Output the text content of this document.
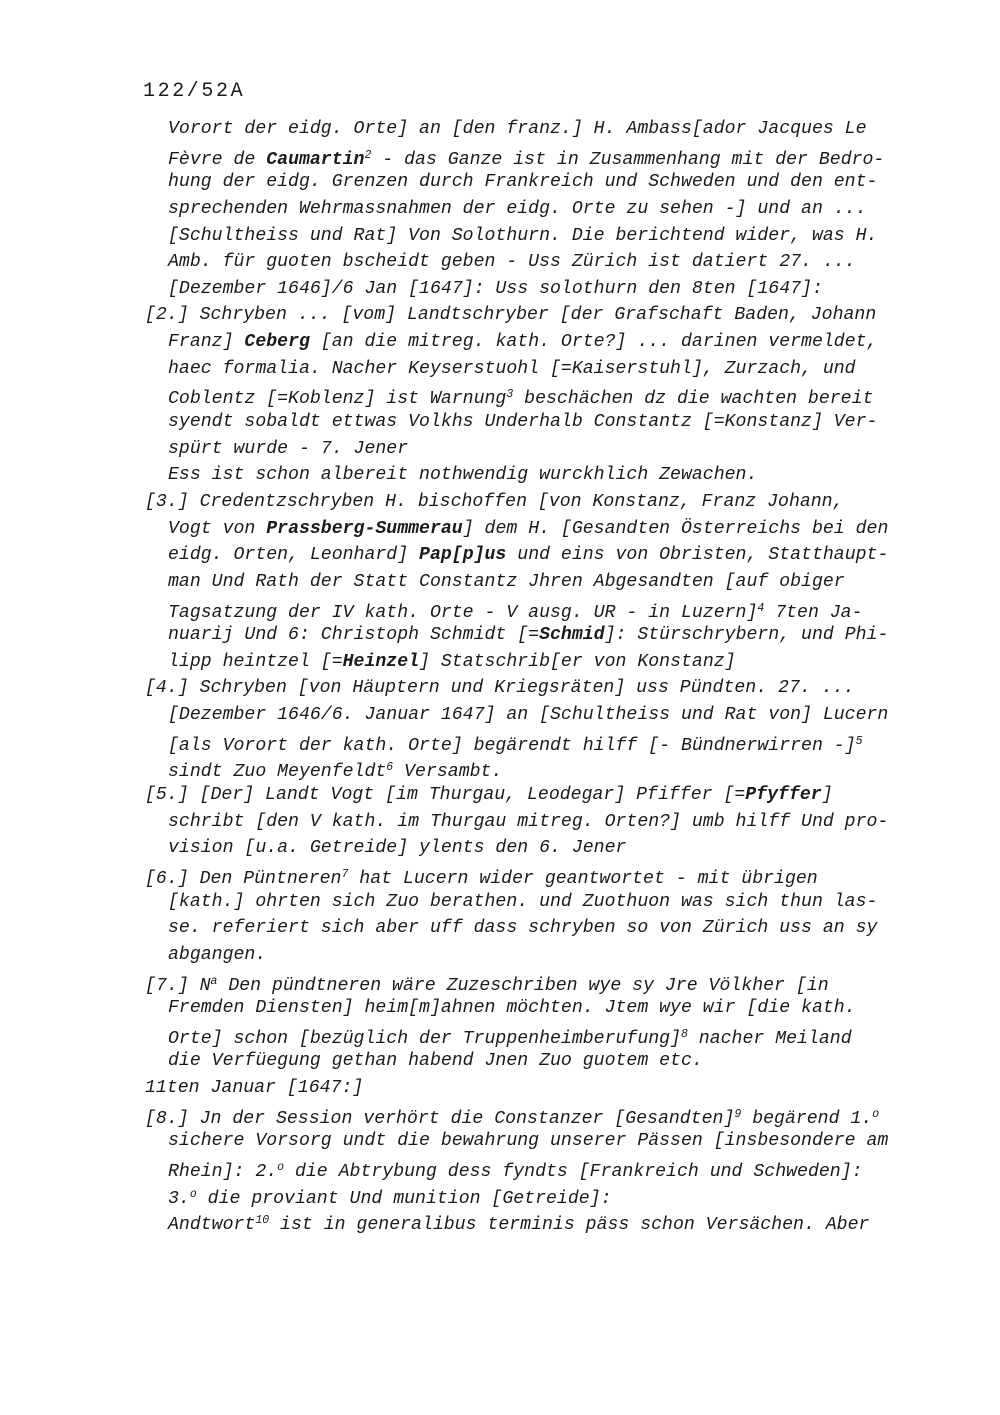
122/52A
Vorort der eidg. Orte] an [den franz.] H. Ambass[ador Jacques Le
Fèvre de Caumartin$^2$ - das Ganze ist in Zusammenhang mit der Bedro-
hung der eidg. Grenzen durch Frankreich und Schweden und den ent-
sprechenden Wehrmassnahmen der eidg. Orte zu sehen -] und an ...
[Schultheiss und Rat] Von Solothurn. Die berichtend wider, was H.
Amb. für guoten bscheidt geben - Uss Zürich ist datiert 27. ...
[Dezember 1646]/6 Jan [1647]: Uss solothurn den 8ten [1647]:
[2.] Schryben ... [vom] Landtschryber [der Grafschaft Baden, Johann
Franz] Ceberg [an die mitreg. kath. Orte?] ... darinen vermeldet,
haec formalia. Nacher Keyserstuohl [=Kaiserstuhl], Zurzach, und
Coblentz [=Koblenz] ist Warnung$^3$ beschächen dz die wachten bereit
syendt sobaldt ettwas Volkhs Underhalb Constantz [=Konstanz] Ver-
spürt wurde - 7. Jener
Ess ist schon albereit nothwendig wurckhlich Zewachen.
[3.] Credentzschryben H. bischoffen [von Konstanz, Franz Johann,
Vogt von Prassberg-Summerau] dem H. [Gesandten Österreichs bei den
eidg. Orten, Leonhard] Pap[p]us und eins von Obristen, Statthaupt-
man Und Rath der Statt Constantz Jhren Abgesandten [auf obiger
Tagsatzung der IV kath. Orte - V ausg. UR - in Luzern]$^4$ 7ten Ja-
nuarij Und 6: Christoph Schmidt [=Schmid]: Stürschrybern, und Phi-
lipp heintzel [=Heinzel] Statschrib[er von Konstanz]
[4.] Schryben [von Häuptern und Kriegsräten] uss Pündten. 27. ...
[Dezember 1646/6. Januar 1647] an [Schultheiss und Rat von] Lucern
[als Vorort der kath. Orte] begärendt hilff [- Bündnerwirren -]$^5$
sindt Zuo Meyenfeldt$^6$ Versambt.
[5.] [Der] Landt Vogt [im Thurgau, Leodegar] Pfiffer [=Pfyffer]
schribt [den V kath. im Thurgau mitreg. Orten?] umb hilff Und pro-
vision [u.a. Getreide] ylents den 6. Jener
[6.] Den Püntneren$^7$ hat Lucern wider geantwortet - mit übrigen
[kath.] ohrten sich Zuo berathen. und Zuothuon was sich thun las-
se. referiert sich aber uff dass schryben so von Zürich uss an sy
abgangen.
[7.] $N^a$ Den pündtneren wäre Zuzeschriben wye sy Jre Völkher [in
Fremden Diensten] heim[m]ahnen möchten. Jtem wye wir [die kath.
Orte] schon [bezüglich der Truppenheimberufung]$^8$ nacher Meiland
die Verfüegung gethan habend Jnen Zuo guotem etc.
11ten Januar [1647:]
[8.] Jn der Session verhört die Constanzer [Gesandten]$^9$ begärend 1.$^o$
sichere Vorsorg undt die bewahrung unserer Pässen [insbesondere am
Rhein]: 2.$^o$ die Abtrybung dess fyndts [Frankreich und Schweden]:
3.$^o$ die proviant Und munition [Getreide]:
Andtwort$^{10}$ ist in generalibus terminis päss schon Versächen. Aber
